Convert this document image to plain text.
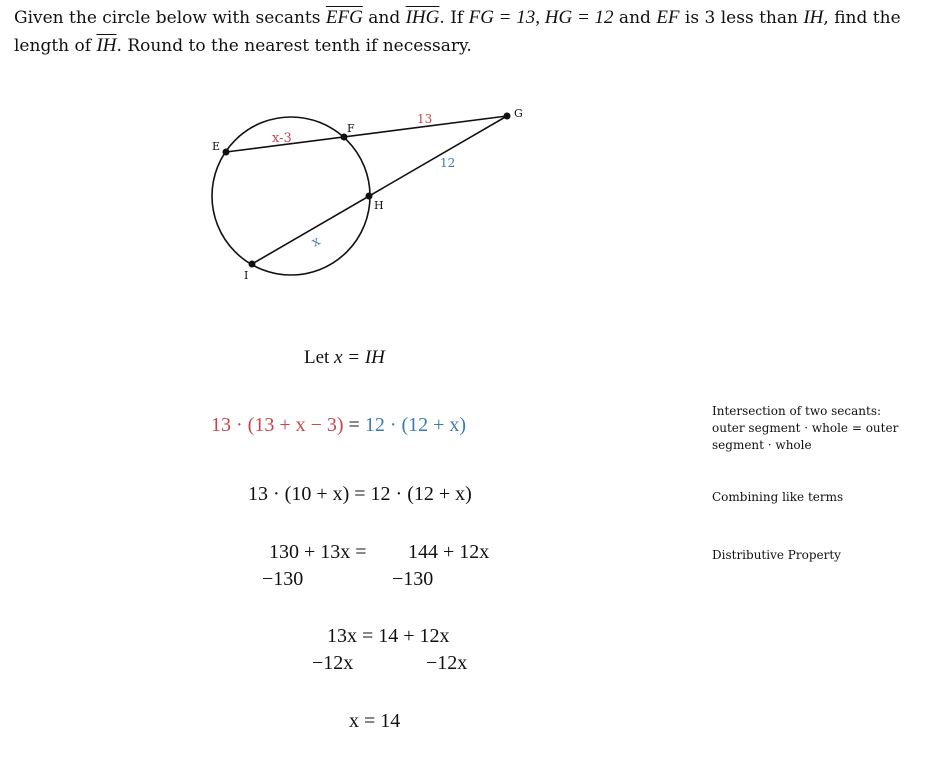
Given the circle below with secants $\overline{EFG}$ and $\overline{IHG}$. If FG = 13, HG = 12 and EF is 3 less than IH, find the
length of $\overline{IH}$. Round to the nearest tenth if necessary.
E
F
G
H
I
x-3
13
12
x
Let x = IH
13 · (13 + x − 3) = 12 · (12 + x)
Intersection of two secants:
outer segment · whole = outer segment · whole
13 · (10 + x) = 12 · (12 + x)	Combining like terms
130 + 13x = 144 + 12x
−130	−130
Distributive Property
13x = 14 + 12x
−12x	−12x
x = 14
